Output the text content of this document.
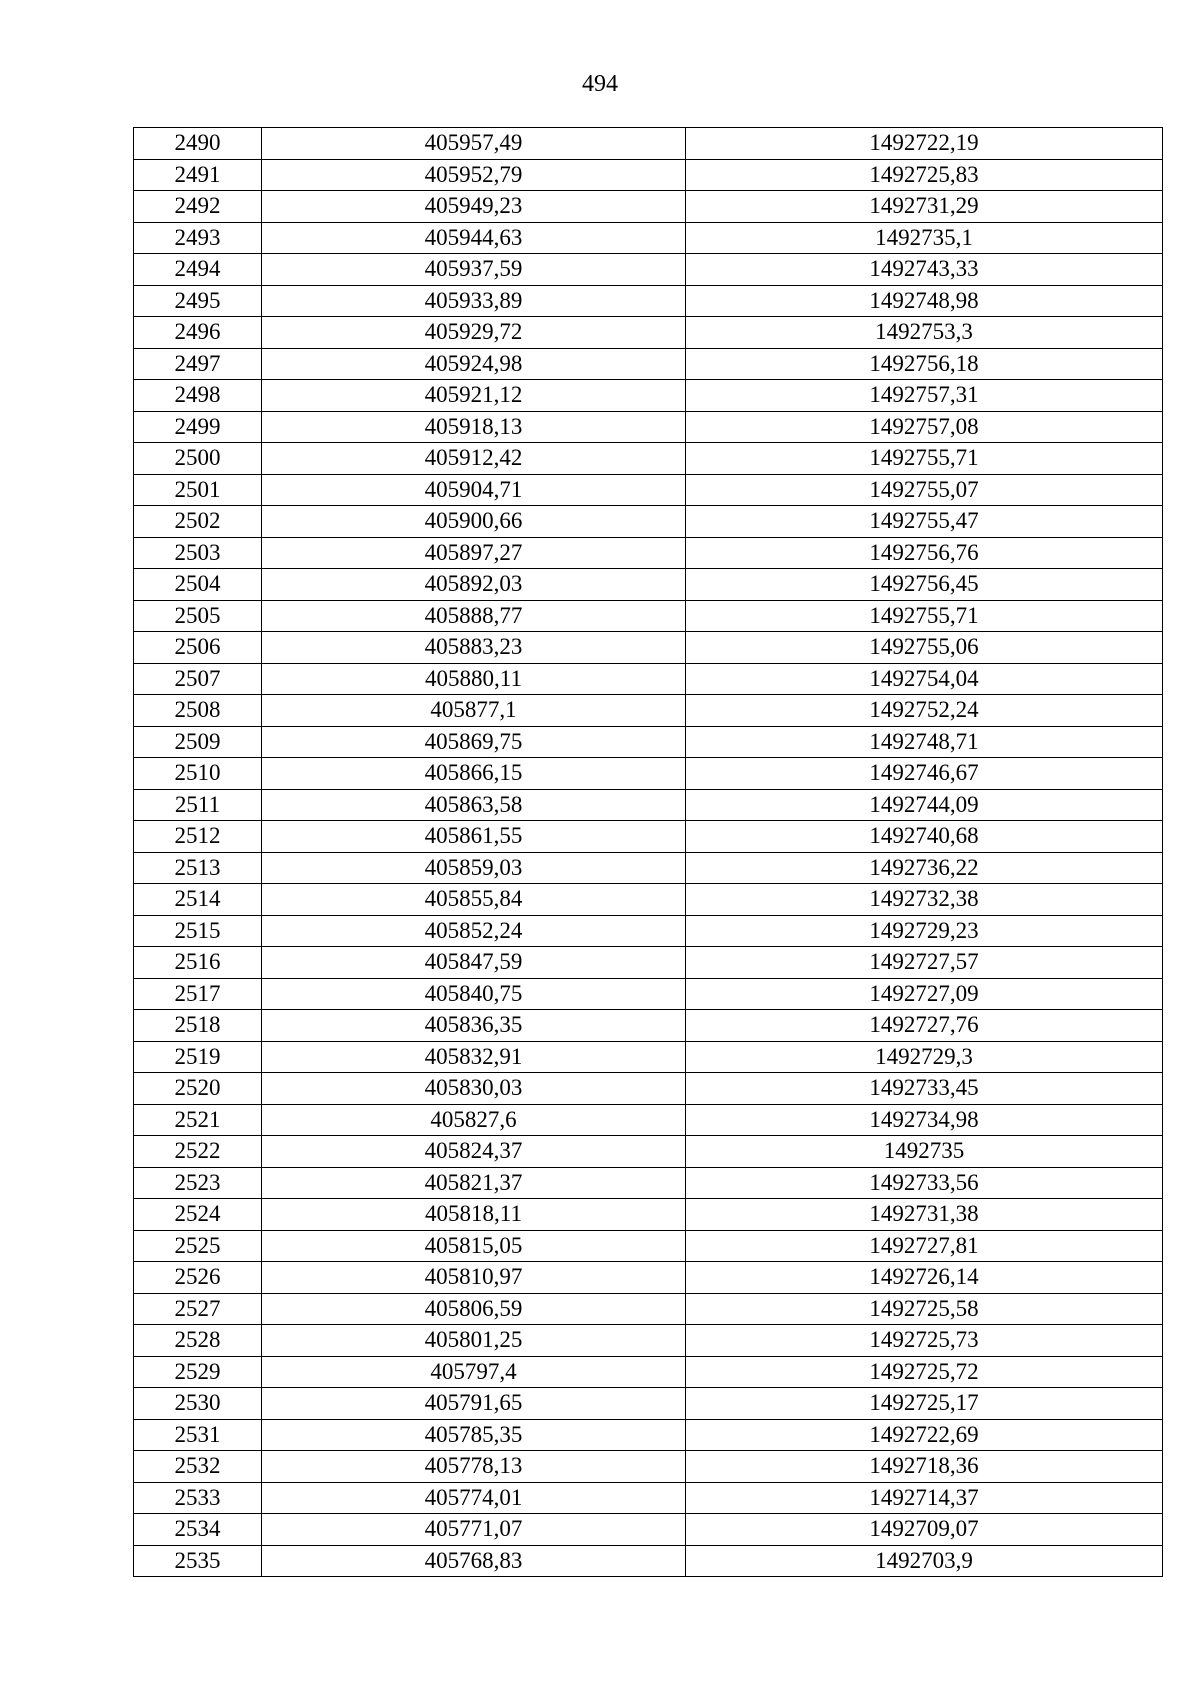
494
2490	405957,49	1492722,19
2491	405952,79	1492725,83
2492	405949,23	1492731,29
2493	405944,63	1492735,1
2494	405937,59	1492743,33
2495	405933,89	1492748,98
2496	405929,72	1492753,3
2497	405924,98	1492756,18
2498	405921,12	1492757,31
2499	405918,13	1492757,08
2500	405912,42	1492755,71
2501	405904,71	1492755,07
2502	405900,66	1492755,47
2503	405897,27	1492756,76
2504	405892,03	1492756,45
2505	405888,77	1492755,71
2506	405883,23	1492755,06
2507	405880,11	1492754,04
2508	405877,1	1492752,24
2509	405869,75	1492748,71
2510	405866,15	1492746,67
2511	405863,58	1492744,09
2512	405861,55	1492740,68
2513	405859,03	1492736,22
2514	405855,84	1492732,38
2515	405852,24	1492729,23
2516	405847,59	1492727,57
2517	405840,75	1492727,09
2518	405836,35	1492727,76
2519	405832,91	1492729,3
2520	405830,03	1492733,45
2521	405827,6	1492734,98
2522	405824,37	1492735
2523	405821,37	1492733,56
2524	405818,11	1492731,38
2525	405815,05	1492727,81
2526	405810,97	1492726,14
2527	405806,59	1492725,58
2528	405801,25	1492725,73
2529	405797,4	1492725,72
2530	405791,65	1492725,17
2531	405785,35	1492722,69
2532	405778,13	1492718,36
2533	405774,01	1492714,37
2534	405771,07	1492709,07
2535	405768,83	1492703,9
